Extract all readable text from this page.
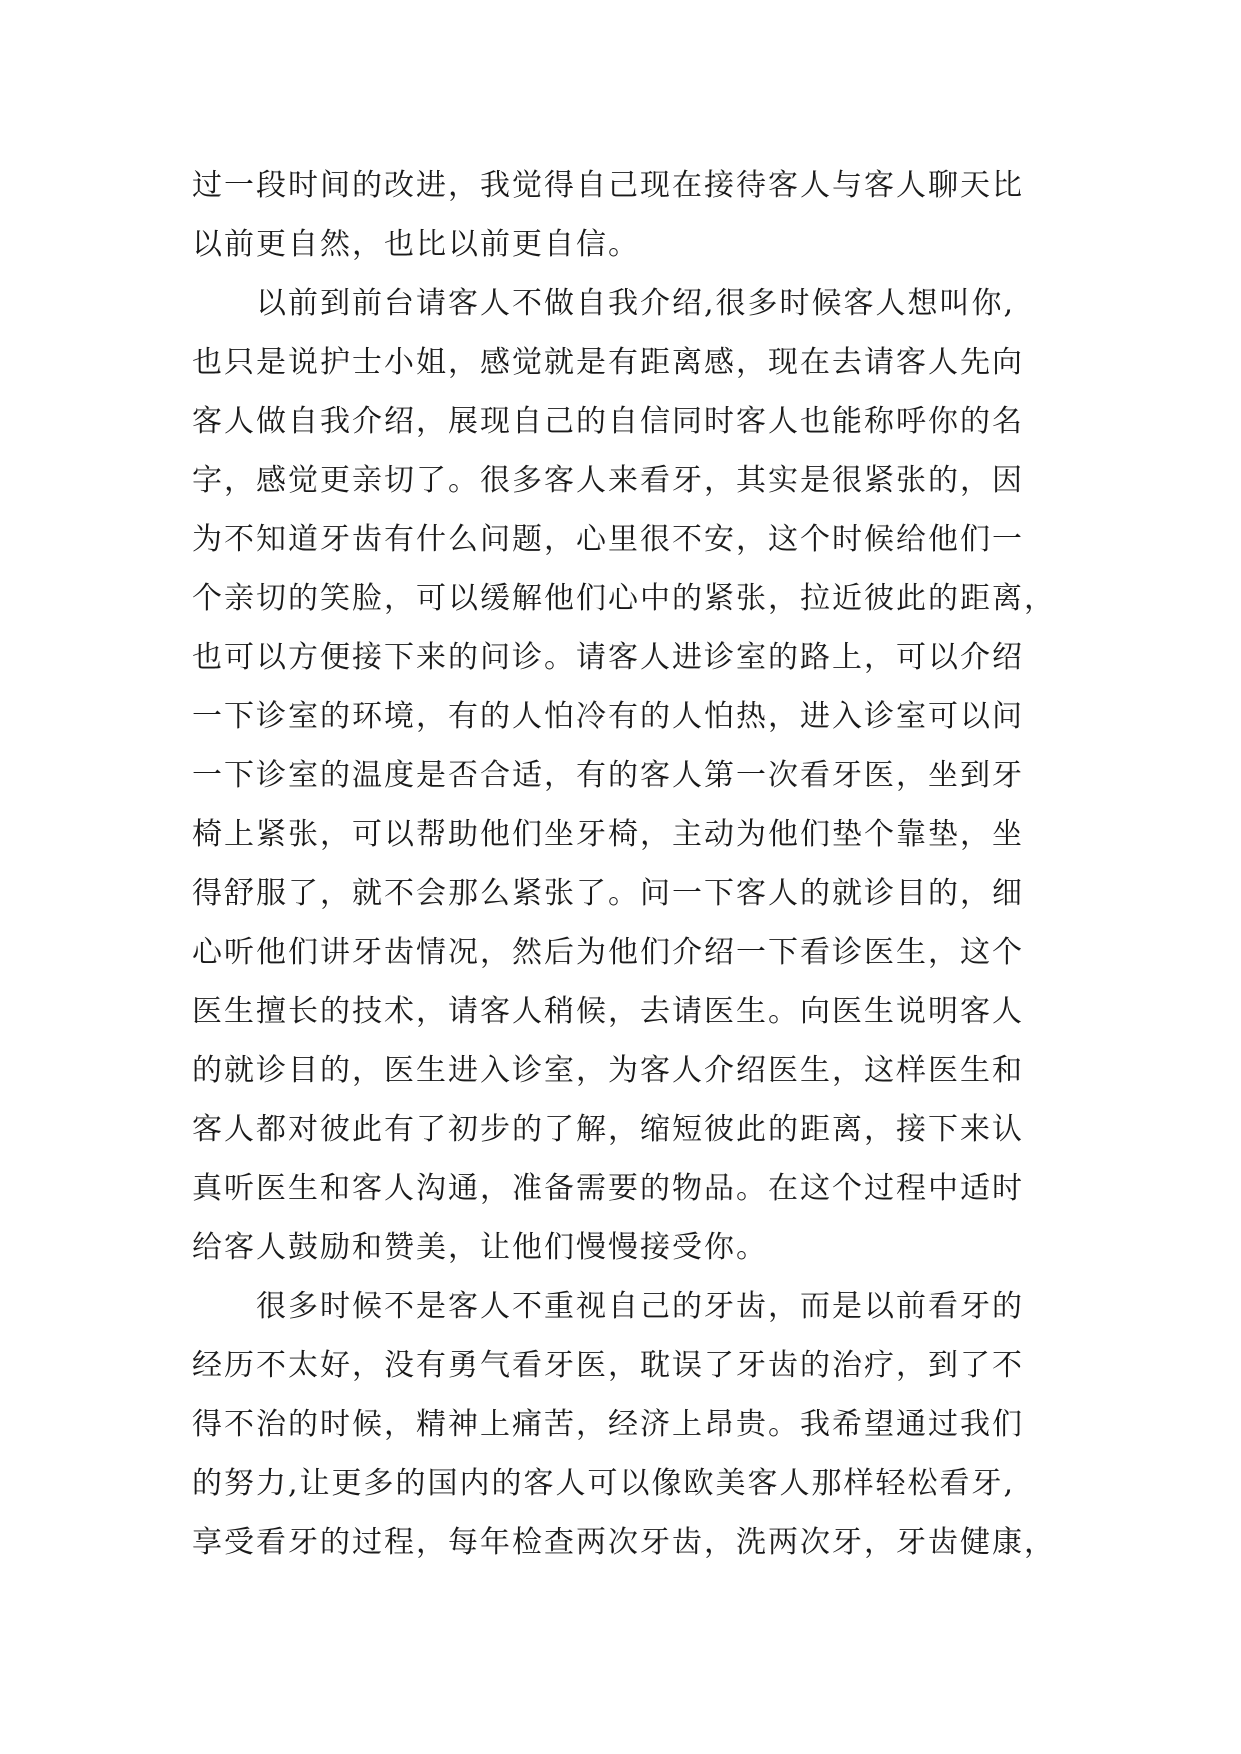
过一段时间的改进，我觉得自己现在接待客人与客人聊天比
以前更自然，也比以前更自信。
以前到前台请客人不做自我介绍,很多时候客人想叫你,
也只是说护士小姐，感觉就是有距离感，现在去请客人先向
客人做自我介绍，展现自己的自信同时客人也能称呼你的名
字，感觉更亲切了。很多客人来看牙，其实是很紧张的，因
为不知道牙齿有什么问题，心里很不安，这个时候给他们一
个亲切的笑脸，可以缓解他们心中的紧张，拉近彼此的距离，
也可以方便接下来的问诊。请客人进诊室的路上，可以介绍
一下诊室的环境，有的人怕冷有的人怕热，进入诊室可以问
一下诊室的温度是否合适，有的客人第一次看牙医，坐到牙
椅上紧张，可以帮助他们坐牙椅，主动为他们垫个靠垫，坐
得舒服了，就不会那么紧张了。问一下客人的就诊目的，细
心听他们讲牙齿情况，然后为他们介绍一下看诊医生，这个
医生擅长的技术，请客人稍候，去请医生。向医生说明客人
的就诊目的，医生进入诊室，为客人介绍医生，这样医生和
客人都对彼此有了初步的了解，缩短彼此的距离，接下来认
真听医生和客人沟通，准备需要的物品。在这个过程中适时
给客人鼓励和赞美，让他们慢慢接受你。
很多时候不是客人不重视自己的牙齿，而是以前看牙的
经历不太好，没有勇气看牙医，耽误了牙齿的治疗，到了不
得不治的时候，精神上痛苦，经济上昂贵。我希望通过我们
的努力,让更多的国内的客人可以像欧美客人那样轻松看牙,
享受看牙的过程，每年检查两次牙齿，洗两次牙，牙齿健康，
